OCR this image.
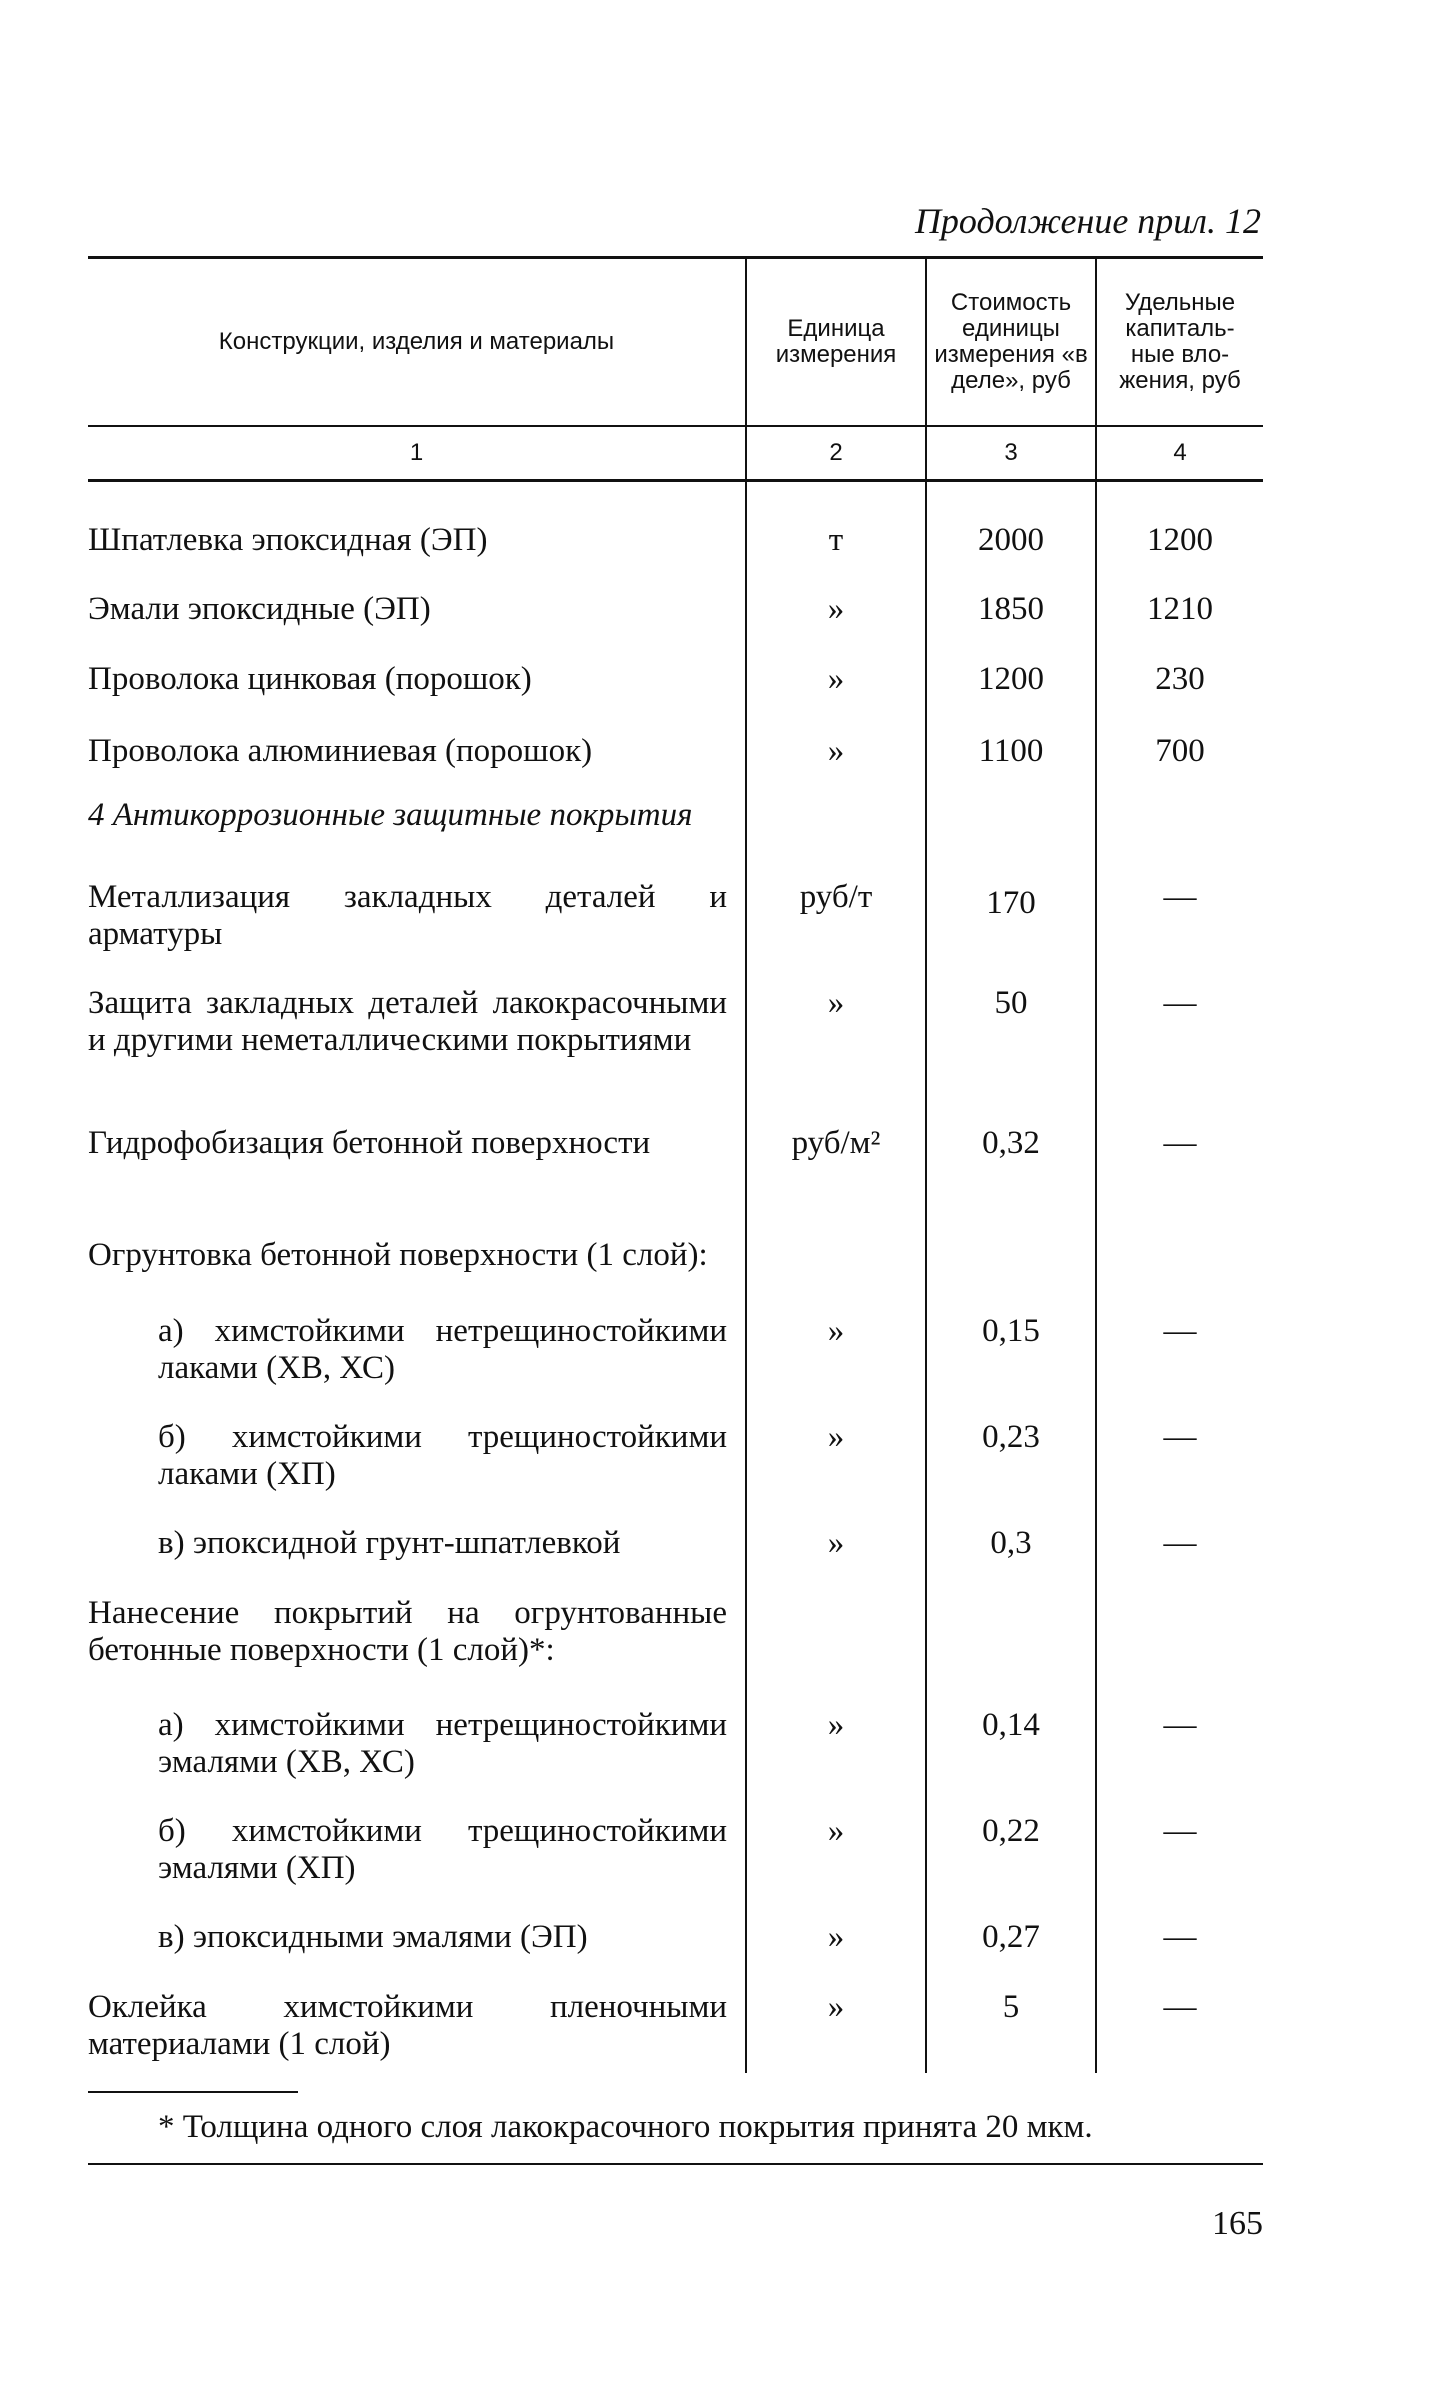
Продолжение прил. 12
Конструкции, изделия и материалы	Единица измерения	Стоимость единицы измерения «в деле», руб	Удельные капиталь- ные вло- жения, руб
1	2	3	4
Шпатлевка эпоксидная (ЭП)	т	2000	1200
Эмали эпоксидные (ЭП)	»	1850	1210
Проволока цинковая (порошок)	»	1200	230
Проволока алюминиевая (порошок)	»	1100	700
4 Антикоррозионные защитные покрытия			
Металлизация закладных деталей и арматуры	руб/т	170	—
Защита закладных деталей лакокрасочными и другими неметаллическими покрытиями	»	50	—
Гидрофобизация бетонной поверхности	руб/м²	0,32	—
Огрунтовка бетонной поверхности (1 слой):			
а) химстойкими нетрещиностойкими лаками (ХВ, ХС)	»	0,15	—
б) химстойкими трещиностойкими лаками (ХП)	»	0,23	—
в) эпоксидной грунт-шпатлевкой	»	0,3	—
Нанесение покрытий на огрунтованные бетонные поверхности (1 слой)*:			
а) химстойкими нетрещиностойкими эмалями (ХВ, ХС)	»	0,14	—
б) химстойкими трещиностойкими эмалями (ХП)	»	0,22	—
в) эпоксидными эмалями (ЭП)	»	0,27	—
Оклейка химстойкими пленочными материалами (1 слой)	»	5	—
* Толщина одного слоя лакокрасочного покрытия принята 20 мкм.
165
